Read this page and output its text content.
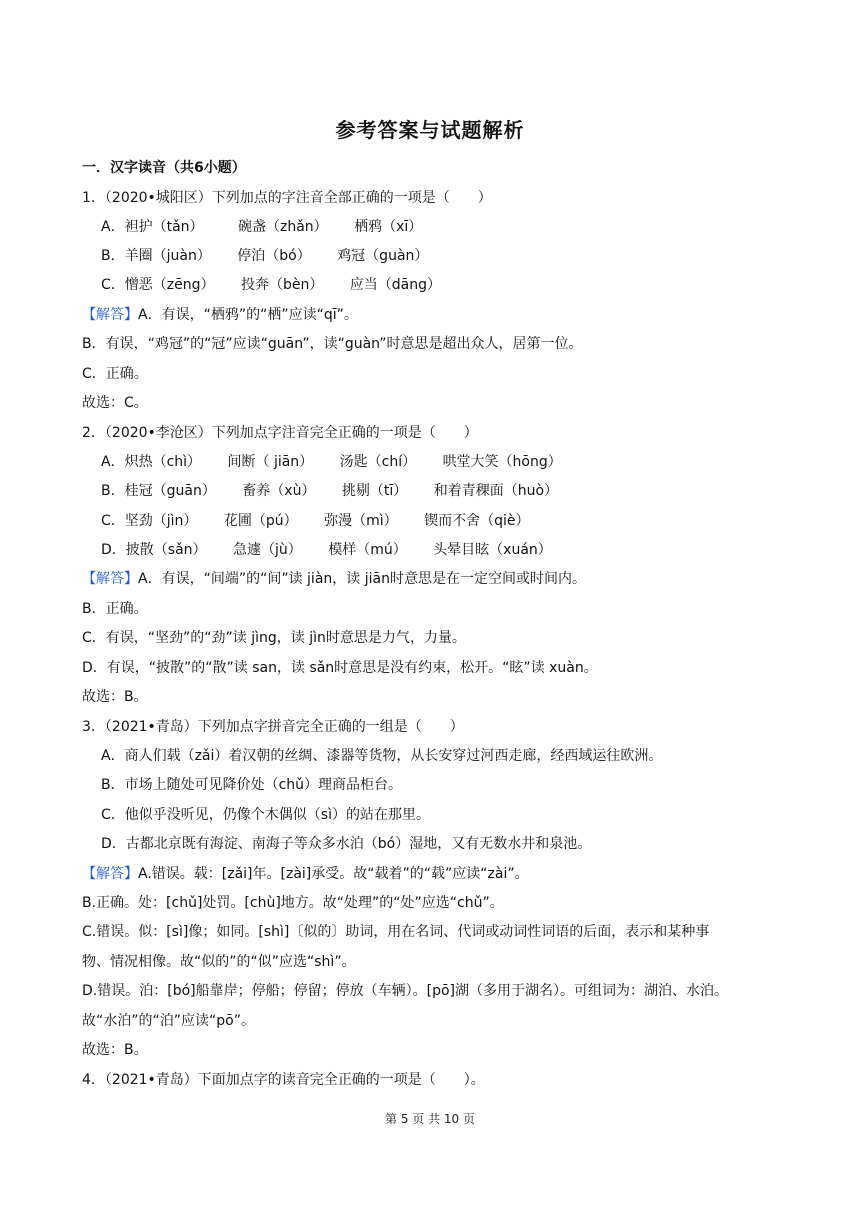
参考答案与试题解析
一．汉字读音（共6小题）
1．（2020•城阳区）下列加点的字注音全部正确的一项是（　　）
A．袒护（tǎn） 碗盏（zhǎn） 栖鸦（xī）
B．羊圈（juàn） 停泊（bó） 鸡冠（guàn）
C．憎恶（zēng） 投奔（bèn） 应当（dāng）
【解答】A．有误，“栖鸦”的“栖”应读“qī”。
B．有误，“鸡冠”的“冠”应读“guān”，读“guàn”时意思是超出众人，居第一位。
C．正确。
故选：C。
2．（2020•李沧区）下列加点字注音完全正确的一项是（　　）
A．炽热（chì） 间断（ jiān） 汤匙（chí） 哄堂大笑（hōng）
B．桂冠（guān） 畜养（xù） 挑剔（tī） 和着青稞面（huò）
C．坚劲（jìn） 花圃（pú） 弥漫（mì） 锲而不舍（qiè）
D．披散（sǎn） 急遽（jù） 模样（mú） 头晕目眩（xuán）
【解答】A．有误，“间端”的“间”读 jiàn，读 jiān时意思是在一定空间或时间内。
B．正确。
C．有误，“坚劲”的“劲”读 jìng，读 jìn时意思是力气，力量。
D．有误，“披散”的“散”读 san，读 sǎn时意思是没有约束，松开。“眩”读 xuàn。
故选：B。
3．（2021•青岛）下列加点字拼音完全正确的一组是（　　）
A．商人们载（zǎi）着汉朝的丝绸、漆器等货物，从长安穿过河西走廊，经西域运往欧洲。
B．市场上随处可见降价处（chǔ）理商品柜台。
C．他似乎没听见，仍像个木偶似（sì）的站在那里。
D．古都北京既有海淀、南海子等众多水泊（bó）湿地，又有无数水井和泉池。
【解答】A.错误。载：[zǎi]年。[zài]承受。故“载着”的“载”应读“zài”。
B.正确。处：[chǔ]处罚。[chù]地方。故“处理”的“处”应选“chǔ”。
C.错误。似：[sì]像；如同。[shì]〔似的〕助词，用在名词、代词或动词性词语的后面，表示和某种事
物、情况相像。故“似的”的“似”应选“shì”。
D.错误。泊：[bó]船靠岸；停船；停留；停放（车辆）。[pō]湖（多用于湖名）。可组词为：湖泊、水泊。
故“水泊”的“泊”应读“pō”。
故选：B。
4．（2021•青岛）下面加点字的读音完全正确的一项是（　　）。
第 5 页 共 10 页
